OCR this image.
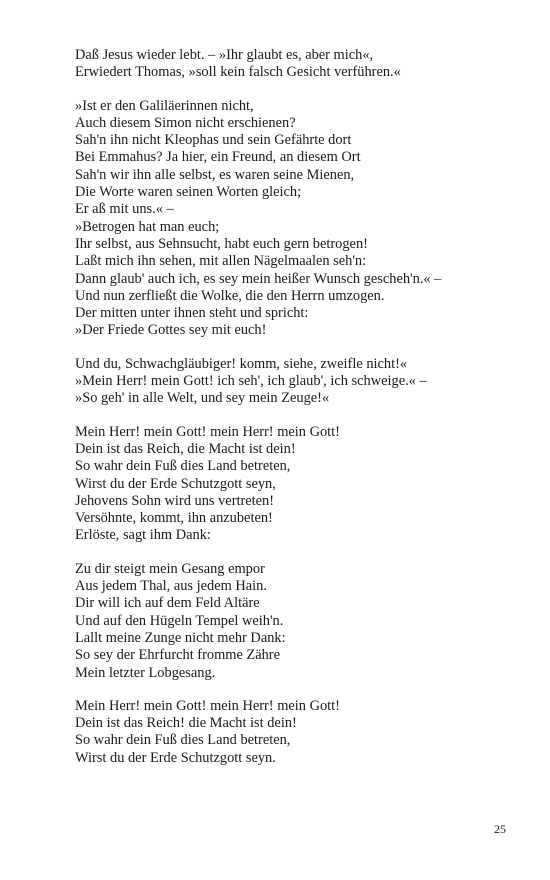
Daß Jesus wieder lebt. – »Ihr glaubt es, aber mich«,
Erwiedert Thomas, »soll kein falsch Gesicht verführen.«
»Ist er den Galiläerinnen nicht,
Auch diesem Simon nicht erschienen?
Sah'n ihn nicht Kleophas und sein Gefährte dort
Bei Emmahus? Ja hier, ein Freund, an diesem Ort
Sah'n wir ihn alle selbst, es waren seine Mienen,
Die Worte waren seinen Worten gleich;
Er aß mit uns.« –
»Betrogen hat man euch;
Ihr selbst, aus Sehnsucht, habt euch gern betrogen!
Laßt mich ihn sehen, mit allen Nägelmaalen seh'n:
Dann glaub' auch ich, es sey mein heißer Wunsch gescheh'n.« –
Und nun zerfließt die Wolke, die den Herrn umzogen.
Der mitten unter ihnen steht und spricht:
»Der Friede Gottes sey mit euch!
Und du, Schwachgläubiger! komm, siehe, zweifle nicht!«
»Mein Herr! mein Gott! ich seh', ich glaub', ich schweige.« –
»So geh' in alle Welt, und sey mein Zeuge!«
Mein Herr! mein Gott! mein Herr! mein Gott!
Dein ist das Reich, die Macht ist dein!
So wahr dein Fuß dies Land betreten,
Wirst du der Erde Schutzgott seyn,
Jehovens Sohn wird uns vertreten!
Versöhnte, kommt, ihn anzubeten!
Erlöste, sagt ihm Dank:
Zu dir steigt mein Gesang empor
Aus jedem Thal, aus jedem Hain.
Dir will ich auf dem Feld Altäre
Und auf den Hügeln Tempel weih'n.
Lallt meine Zunge nicht mehr Dank:
So sey der Ehrfurcht fromme Zähre
Mein letzter Lobgesang.
Mein Herr! mein Gott! mein Herr! mein Gott!
Dein ist das Reich! die Macht ist dein!
So wahr dein Fuß dies Land betreten,
Wirst du der Erde Schutzgott seyn.
25
